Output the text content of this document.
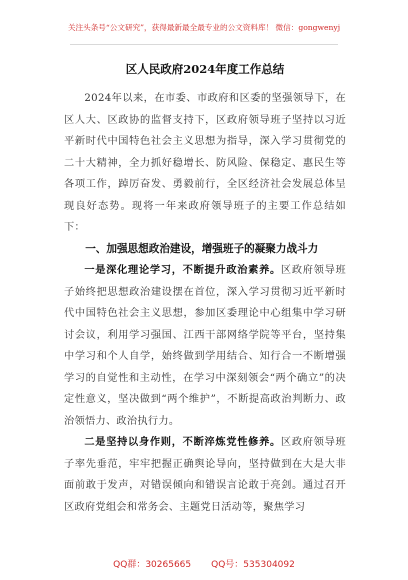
关注头条号“公文研究”，获得最新最全最专业的公文资料库！ 微信：gongwenyj
区人民政府2024年度工作总结

2024年以来，在市委、市政府和区委的坚强领导下，在区人大、区政协的监督支持下，区政府领导班子坚持以习近平新时代中国特色社会主义思想为指导，深入学习贯彻党的二十大精神，全力抓好稳增长、防风险、保稳定、惠民生等各项工作，踔厉奋发、勇毅前行，全区经济社会发展总体呈现良好态势。现将一年来政府领导班子的主要工作总结如下：

一、加强思想政治建设，增强班子的凝聚力战斗力

一是深化理论学习，不断提升政治素养。区政府领导班子始终把思想政治建设摆在首位，深入学习贯彻习近平新时代中国特色社会主义思想，参加区委理论中心组集中学习研讨会议，利用学习强国、江西干部网络学院等平台，坚持集中学习和个人自学，始终做到学用结合、知行合一不断增强学习的自觉性和主动性，在学习中深刻领会“两个确立”的决定性意义，坚决做到“两个维护”，不断提高政治判断力、政治领悟力、政治执行力。

二是坚持以身作则，不断淬炼党性修养。区政府领导班子率先垂范，牢牢把握正确舆论导向，坚持做到在大是大非面前敢于发声，对错误倾向和错误言论敢于亮剑。通过召开区政府党组会和常务会、主题党日活动等，聚焦学习

QQ群：30265665 QQ号：535304092
